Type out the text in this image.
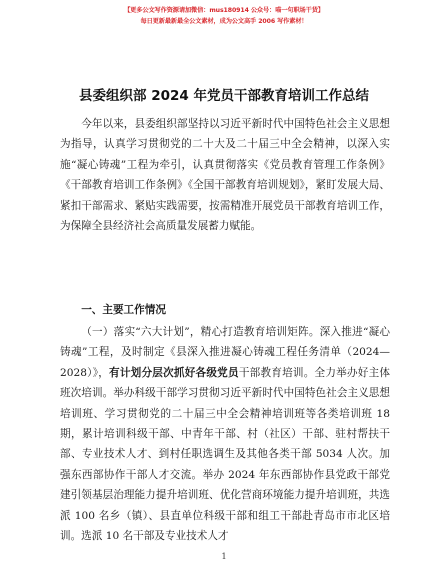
【更多公文写作资源请加微信：mus180914 公众号：喵一句职场干货】
每日更新最新最全公文素材，成为公文高手 2006 写作素材！
县委组织部 2024 年党员干部教育培训工作总结

今年以来，县委组织部坚持以习近平新时代中国特色社会主义思想为指导，认真学习贯彻党的二十大及二十届三中全会精神，以深入实施“凝心铸魂”工程为牵引，认真贯彻落实《党员教育管理工作条例》《干部教育培训工作条例》《全国干部教育培训规划》，紧盯发展大局、紧扣干部需求、紧贴实践需要，按需精准开展党员干部教育培训工作，为保障全县经济社会高质量发展蓄力赋能。

一、主要工作情况

（一）落实“六大计划”，精心打造教育培训矩阵。深入推进“凝心铸魂”工程，及时制定《县深入推进凝心铸魂工程任务清单（2024—2028）》，有计划分层次抓好各级党员干部教育培训。全力举办好主体班次培训。举办科级干部学习贯彻习近平新时代中国特色社会主义思想培训班、学习贯彻党的二十届三中全会精神培训班等各类培训班 18 期，累计培训科级干部、中青年干部、村（社区）干部、驻村帮扶干部、专业技术人才、到村任职选调生及其他各类干部 5034 人次。加强东西部协作干部人才交流。举办 2024 年东西部协作县党政干部党建引领基层治理能力提升培训班、优化营商环境能力提升培训班，共选派 100 名乡（镇）、县直单位科级干部和组工干部赴青岛市市北区培训。选派 10 名干部及专业技术人才

1
